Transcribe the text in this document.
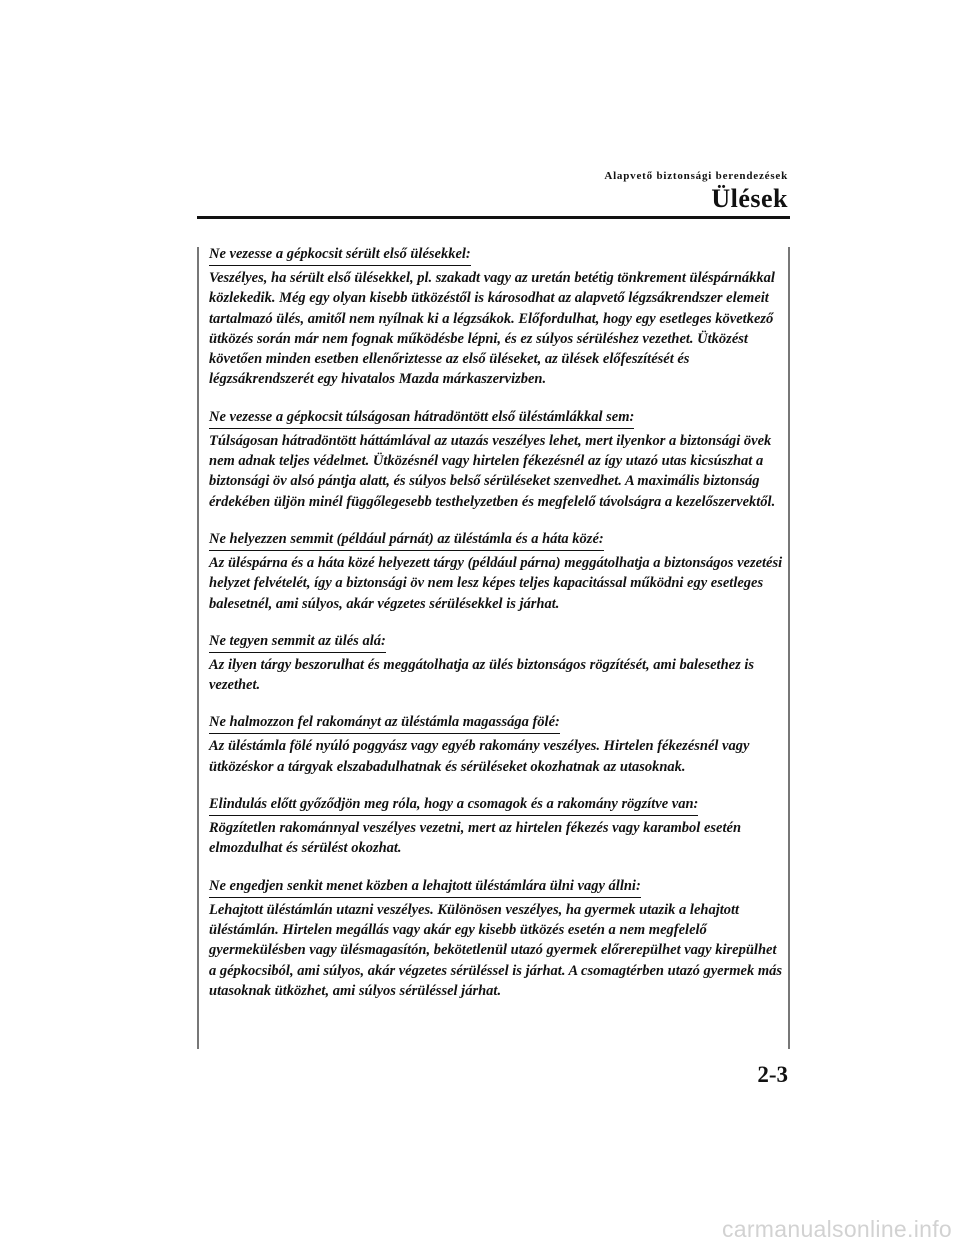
Alapvető biztonsági berendezések
Ülések
Ne vezesse a gépkocsit sérült első ülésekkel:
Veszélyes, ha sérült első ülésekkel, pl. szakadt vagy az uretán betétig tönkrement üléspárnákkal közlekedik. Még egy olyan kisebb ütközéstől is károsodhat az alapvető légzsákrendszer elemeit tartalmazó ülés, amitől nem nyílnak ki a légzsákok. Előfordulhat, hogy egy esetleges következő ütközés során már nem fognak működésbe lépni, és ez súlyos sérüléshez vezethet. Ütközést követően minden esetben ellenőriztesse az első üléseket, az ülések előfeszítését és légzsákrendszerét egy hivatalos Mazda márkaszervizben.
Ne vezesse a gépkocsit túlságosan hátradöntött első üléstámlákkal sem:
Túlságosan hátradöntött háttámlával az utazás veszélyes lehet, mert ilyenkor a biztonsági övek nem adnak teljes védelmet. Ütközésnél vagy hirtelen fékezésnél az így utazó utas kicsúszhat a biztonsági öv alsó pántja alatt, és súlyos belső sérüléseket szenvedhet. A maximális biztonság érdekében üljön minél függőlegesebb testhelyzetben és megfelelő távolságra a kezelőszervektől.
Ne helyezzen semmit (például párnát) az üléstámla és a háta közé:
Az üléspárna és a háta közé helyezett tárgy (például párna) meggátolhatja a biztonságos vezetési helyzet felvételét, így a biztonsági öv nem lesz képes teljes kapacitással működni egy esetleges balesetnél, ami súlyos, akár végzetes sérülésekkel is járhat.
Ne tegyen semmit az ülés alá:
Az ilyen tárgy beszorulhat és meggátolhatja az ülés biztonságos rögzítését, ami balesethez is vezethet.
Ne halmozzon fel rakományt az üléstámla magassága fölé:
Az üléstámla fölé nyúló poggyász vagy egyéb rakomány veszélyes. Hirtelen fékezésnél vagy ütközéskor a tárgyak elszabadulhatnak és sérüléseket okozhatnak az utasoknak.
Elindulás előtt győződjön meg róla, hogy a csomagok és a rakomány rögzítve van:
Rögzítetlen rakománnyal veszélyes vezetni, mert az hirtelen fékezés vagy karambol esetén elmozdulhat és sérülést okozhat.
Ne engedjen senkit menet közben a lehajtott üléstámlára ülni vagy állni:
Lehajtott üléstámlán utazni veszélyes. Különösen veszélyes, ha gyermek utazik a lehajtott üléstámlán. Hirtelen megállás vagy akár egy kisebb ütközés esetén a nem megfelelő gyermekülésben vagy ülésmagasítón, bekötetlenül utazó gyermek előrerepülhet vagy kirepülhet a gépkocsiból, ami súlyos, akár végzetes sérüléssel is járhat. A csomagtérben utazó gyermek más utasoknak ütközhet, ami súlyos sérüléssel járhat.
2-3
carmanualsonline.info
